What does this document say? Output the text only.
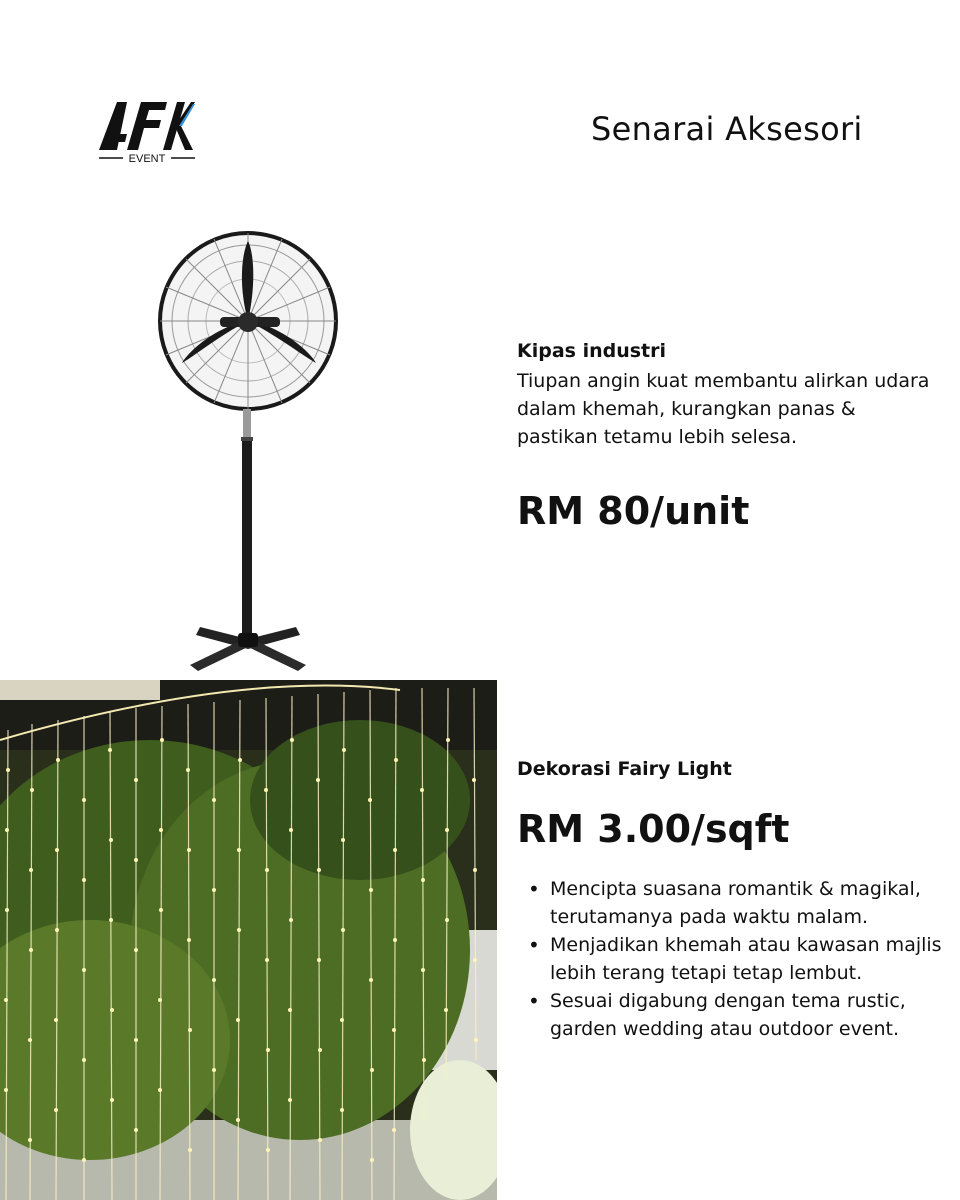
EVENT
Senarai Aksesori

Kipas industri

Tiupan angin kuat membantu alirkan udara dalam khemah, kurangkan panas & pastikan tetamu lebih selesa.

RM 80/unit
Dekorasi Fairy Light
RM 3.00/sqft
• Mencipta suasana romantik & magikal, terutamanya pada waktu malam.
• Menjadikan khemah atau kawasan majlis lebih terang tetapi tetap lembut.
• Sesuai digabung dengan tema rustic, garden wedding atau outdoor event.
